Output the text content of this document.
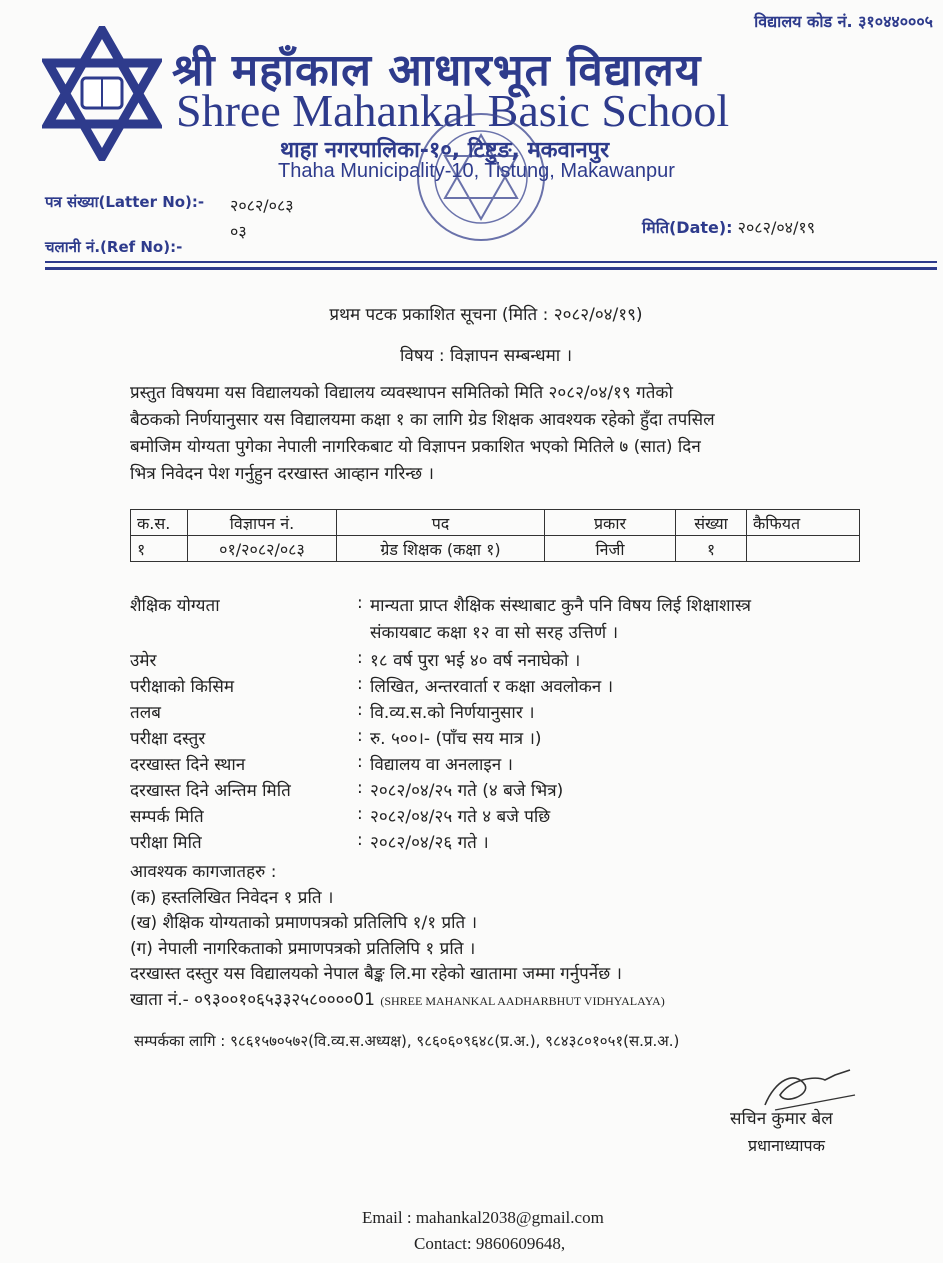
विद्यालय कोड नं. ३१०४४०००५
श्री महाँकाल आधारभूत विद्यालय
Shree Mahankal Basic School
थाहा नगरपालिका-१०, टिष्टुङ, मकवानपुर
Thaha Municipality-10, Tistung, Makawanpur
पत्र संख्या(Latter No):- २०८२/०८३
०३
चलानी नं.(Ref No):-
मिति(Date): २०८२/०४/१९
प्रथम पटक प्रकाशित सूचना (मिति : २०८२/०४/१९)
विषय : विज्ञापन सम्बन्धमा ।
प्रस्तुत विषयमा यस विद्यालयको विद्यालय व्यवस्थापन समितिको मिति २०८२/०४/१९ गतेको
बैठकको निर्णयानुसार यस विद्यालयमा कक्षा १ का लागि ग्रेड शिक्षक आवश्यक रहेको हुँदा तपसिल
बमोजिम योग्यता पुगेका नेपाली नागरिकबाट यो विज्ञापन प्रकाशित भएको मितिले ७ (सात) दिन
भित्र निवेदन पेश गर्नुहुन दरखास्त आव्हान गरिन्छ ।
क.स.	विज्ञापन नं.	पद	प्रकार	संख्या	कैफियत
१	०१/२०८२/०८३	ग्रेड शिक्षक (कक्षा १)	निजी	१	
शैक्षिक योग्यता	: मान्यता प्राप्त शैक्षिक संस्थाबाट कुनै पनि विषय लिई शिक्षाशास्त्र
संकायबाट कक्षा १२ वा सो सरह उत्तिर्ण ।
उमेर	: १८ वर्ष पुरा भई ४० वर्ष ननाघेको ।
परीक्षाको किसिम	: लिखित, अन्तरवार्ता र कक्षा अवलोकन ।
तलब	: वि.व्य.स.को निर्णयानुसार ।
परीक्षा दस्तुर	: रु. ५००।- (पाँच सय मात्र ।)
दरखास्त दिने स्थान	: विद्यालय वा अनलाइन ।
दरखास्त दिने अन्तिम मिति	: २०८२/०४/२५ गते (४ बजे भित्र)
सम्पर्क मिति	: २०८२/०४/२५ गते ४ बजे पछि
परीक्षा मिति	: २०८२/०४/२६ गते ।
आवश्यक कागजातहरु :
(क) हस्तलिखित निवेदन १ प्रति ।
(ख) शैक्षिक योग्यताको प्रमाणपत्रको प्रतिलिपि १/१ प्रति ।
(ग) नेपाली नागरिकताको प्रमाणपत्रको प्रतिलिपि १ प्रति ।
दरखास्त दस्तुर यस विद्यालयको नेपाल बैङ्क लि.मा रहेको खातामा जम्मा गर्नुपर्नेछ ।
खाता नं.- ०९३००१०६५३३२५८००००01 (SHREE MAHANKAL AADHARBHUT VIDHYALAYA)
सम्पर्कका लागि : ९८६१५७०५७२(वि.व्य.स.अध्यक्ष), ९८६०६०९६४८(प्र.अ.), ९८४३८०१०५१(स.प्र.अ.)
सचिन कुमार बेल
प्रधानाध्यापक
Email : mahankal2038@gmail.com
Contact: 9860609648,
